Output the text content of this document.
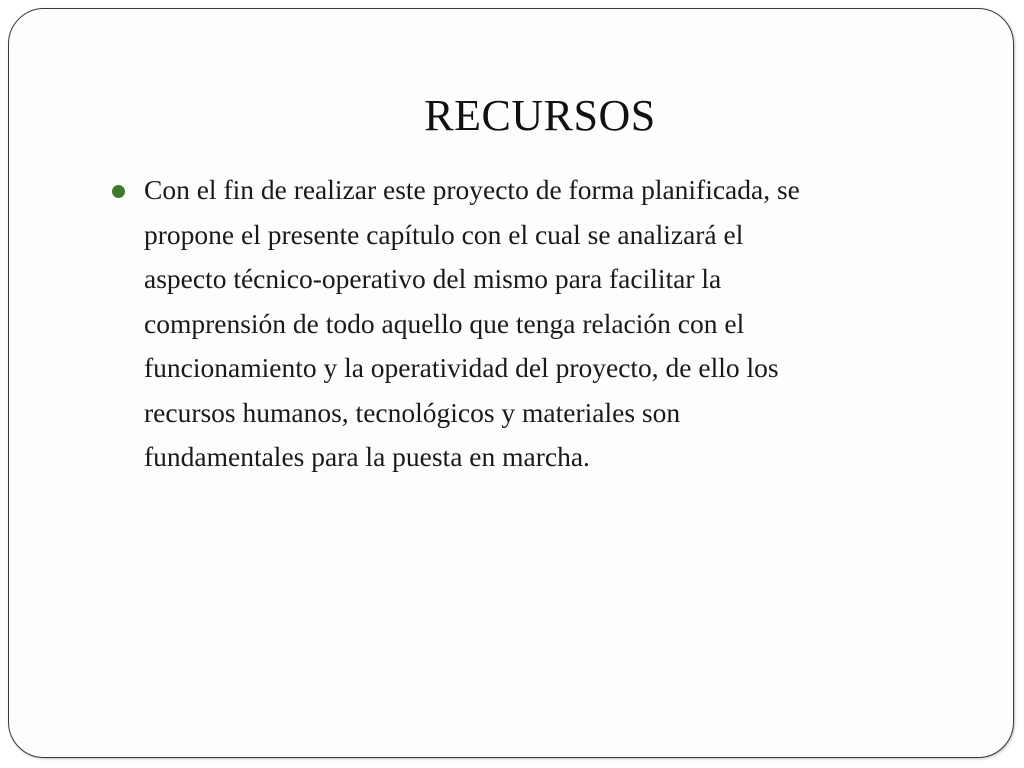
RECURSOS

Con el fin de realizar este proyecto de forma planificada, se
propone el presente capítulo con el cual se analizará el
aspecto técnico-operativo del mismo para facilitar la
comprensión de todo aquello que tenga relación con el
funcionamiento y la operatividad del proyecto, de ello los
recursos humanos, tecnológicos y materiales son
fundamentales para la puesta en marcha.
